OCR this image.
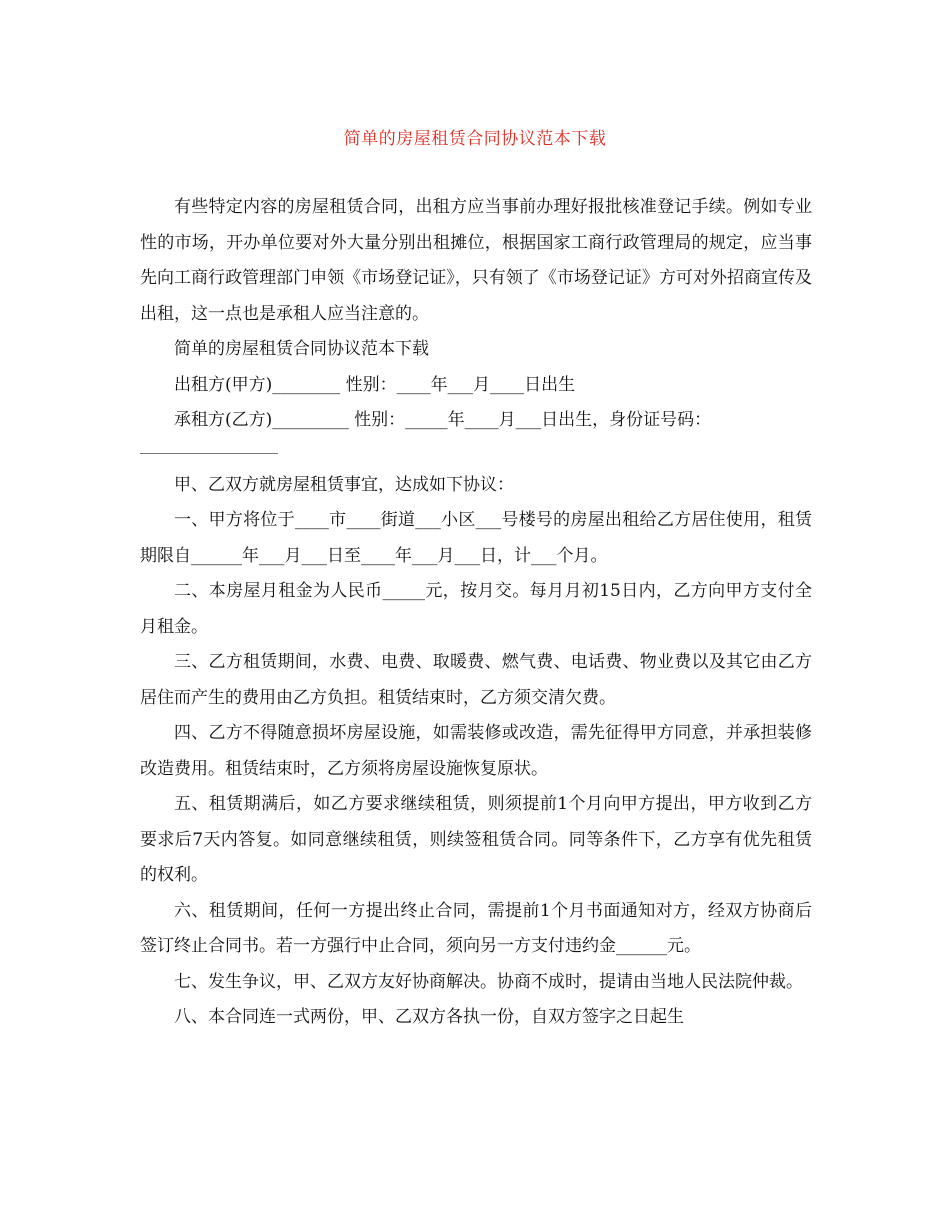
简单的房屋租赁合同协议范本下载

有些特定内容的房屋租赁合同，出租方应当事前办理好报批核准登记手续。例如专业性的市场，开办单位要对外大量分别出租摊位，根据国家工商行政管理局的规定，应当事先向工商行政管理部门申领《市场登记证》，只有领了《市场登记证》方可对外招商宣传及出租，这一点也是承租人应当注意的。

简单的房屋租赁合同协议范本下载

出租方(甲方)________ 性别：____年___月____日出生

承租方(乙方)_________ 性别：_____年____月___日出生，身份证号码：

甲、乙双方就房屋租赁事宜，达成如下协议：

一、甲方将位于____市____街道___小区___号楼号的房屋出租给乙方居住使用，租赁期限自______年___月___日至____年___月___日，计___个月。

二、本房屋月租金为人民币_____元，按月交。每月月初15日内，乙方向甲方支付全月租金。

三、乙方租赁期间，水费、电费、取暖费、燃气费、电话费、物业费以及其它由乙方居住而产生的费用由乙方负担。租赁结束时，乙方须交清欠费。

四、乙方不得随意损坏房屋设施，如需装修或改造，需先征得甲方同意，并承担装修改造费用。租赁结束时，乙方须将房屋设施恢复原状。

五、租赁期满后，如乙方要求继续租赁，则须提前1个月向甲方提出，甲方收到乙方要求后7天内答复。如同意继续租赁，则续签租赁合同。同等条件下，乙方享有优先租赁的权利。

六、租赁期间，任何一方提出终止合同，需提前1个月书面通知对方，经双方协商后签订终止合同书。若一方强行中止合同，须向另一方支付违约金______元。

七、发生争议，甲、乙双方友好协商解决。协商不成时，提请由当地人民法院仲裁。

八、本合同连一式两份，甲、乙双方各执一份，自双方签字之日起生
